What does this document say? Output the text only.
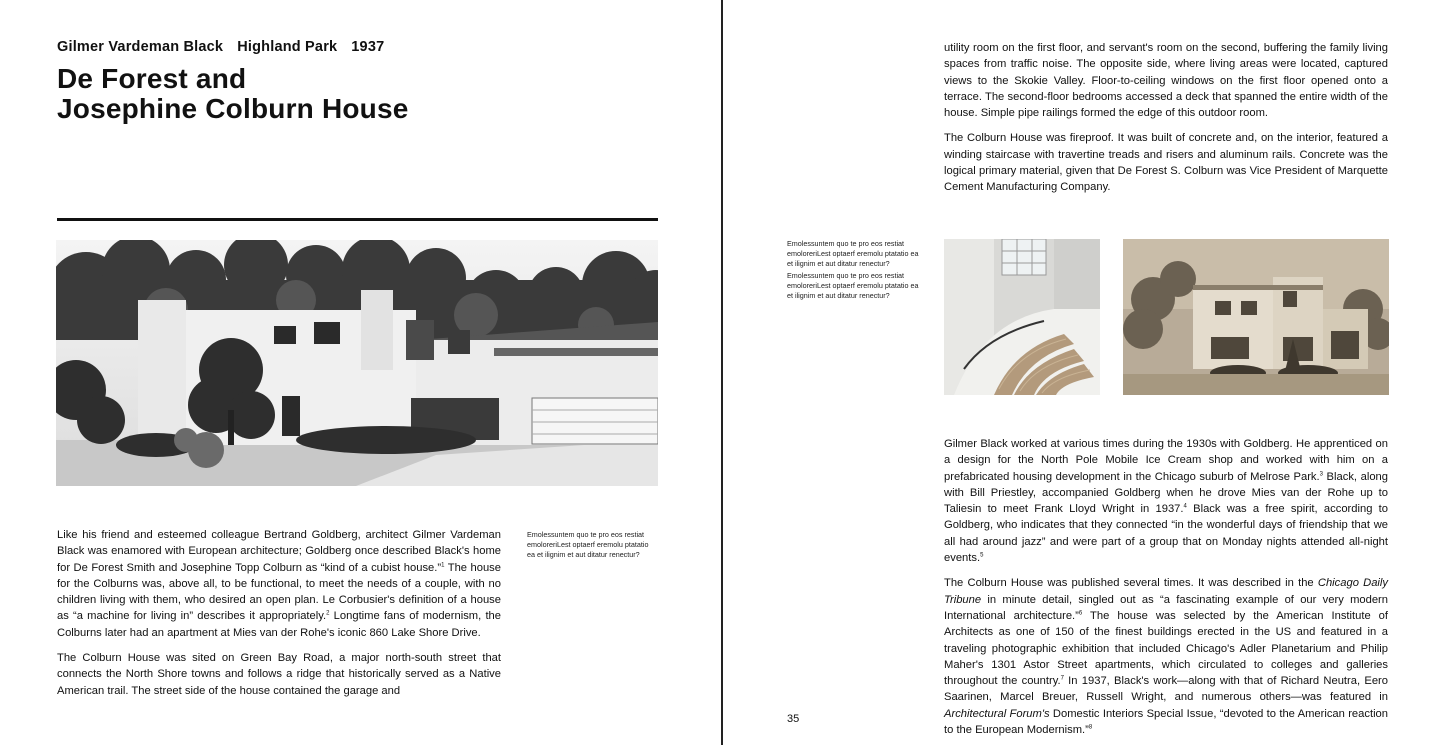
Gilmer Vardeman Black Highland Park 1937
De Forest and
Josephine Colburn House

Like his friend and esteemed colleague Bertrand Goldberg, architect Gilmer Vardeman Black was enamored with European architecture; Goldberg once described Black's home for De Forest Smith and Josephine Topp Colburn as “kind of a cubist house.”$^1$ The house for the Colburns was, above all, to be functional, to meet the needs of a couple, with no children living with them, who desired an open plan. Le Corbusier's definition of a house as “a machine for living in” describes it appropriately.$^2$ Longtime fans of modernism, the Colburns later had an apartment at Mies van der Rohe's iconic 860 Lake Shore Drive.

The Colburn House was sited on Green Bay Road, a major north-south street that connects the North Shore towns and follows a ridge that historically served as a Native American trail. The street side of the house contained the garage and

Emolessuntem quo te pro eos restiat emoloreriLest optaerf eremolu ptatatio ea et ilignim et aut ditatur renectur?

utility room on the first floor, and servant's room on the second, buffering the family living spaces from traffic noise. The opposite side, where living areas were located, captured views to the Skokie Valley. Floor-to-ceiling windows on the first floor opened onto a terrace. The second-floor bedrooms accessed a deck that spanned the entire width of the house. Simple pipe railings formed the edge of this outdoor room.

The Colburn House was fireproof. It was built of concrete and, on the interior, featured a winding staircase with travertine treads and risers and aluminum rails. Concrete was the logical primary material, given that De Forest S. Colburn was Vice President of Marquette Cement Manufacturing Company.

Emolessuntem quo te pro eos restiat emoloreriLest optaerf eremolu ptatatio ea et ilignim et aut ditatur renectur?

Emolessuntem quo te pro eos restiat emoloreriLest optaerf eremolu ptatatio ea et ilignim et aut ditatur renectur?

Gilmer Black worked at various times during the 1930s with Goldberg. He apprenticed on a design for the North Pole Mobile Ice Cream shop and worked with him on a prefabricated housing development in the Chicago suburb of Melrose Park.$^3$ Black, along with Bill Priestley, accompanied Goldberg when he drove Mies van der Rohe up to Taliesin to meet Frank Lloyd Wright in 1937.$^4$ Black was a free spirit, according to Goldberg, who indicates that they connected “in the wonderful days of friendship that we all had around jazz” and were part of a group that on Monday nights attended all-night events.$^5$

The Colburn House was published several times. It was described in the Chicago Daily Tribune in minute detail, singled out as “a fascinating example of our very modern International architecture.”$^6$ The house was selected by the American Institute of Architects as one of 150 of the finest buildings erected in the US and featured in a traveling photographic exhibition that included Chicago's Adler Planetarium and Philip Maher's 1301 Astor Street apartments, which circulated to colleges and galleries throughout the country.$^7$ In 1937, Black's work—along with that of Richard Neutra, Eero Saarinen, Marcel Breuer, Russell Wright, and numerous others—was featured in Architectural Forum's Domestic Interiors Special Issue, “devoted to the American reaction to the European Modernism.”$^8$

35
